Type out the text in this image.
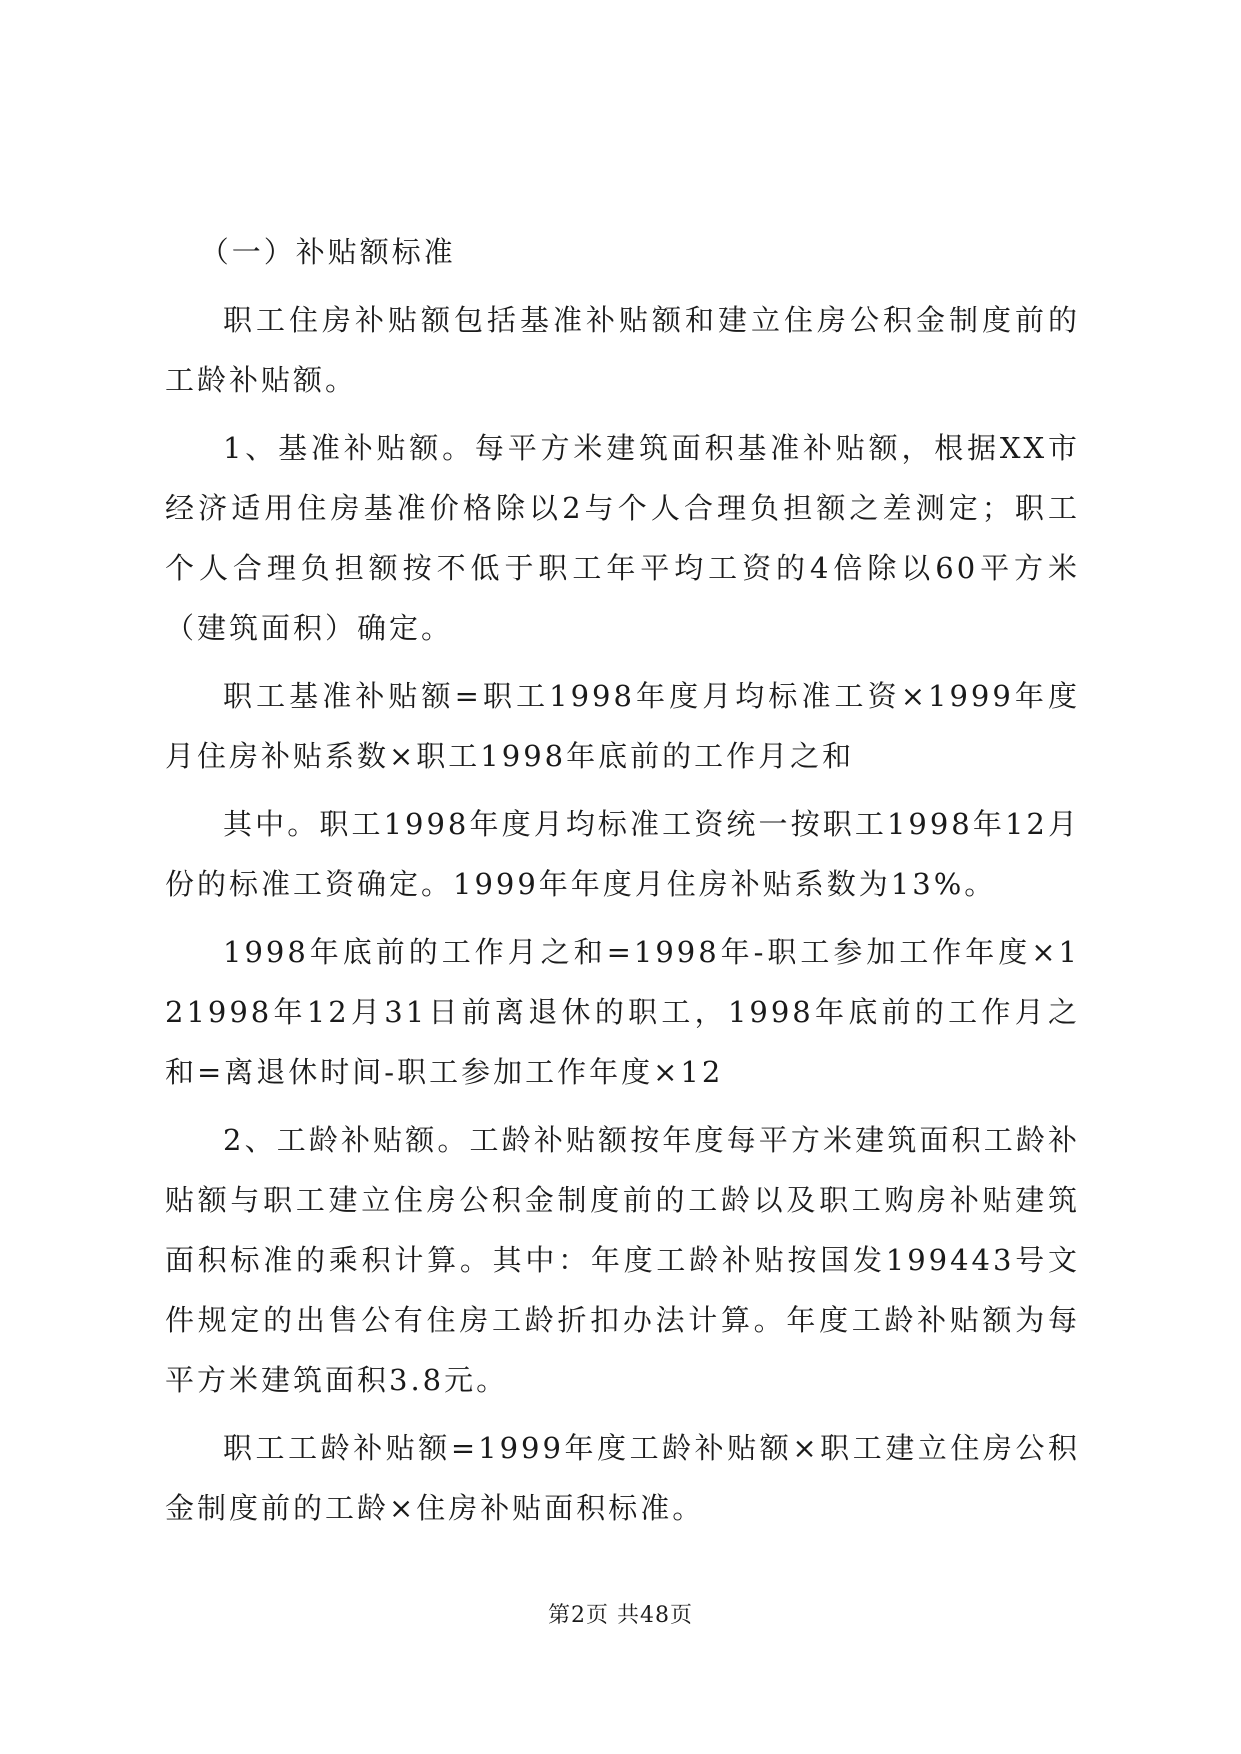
（一）补贴额标准

职工住房补贴额包括基准补贴额和建立住房公积金制度前的工龄补贴额。

1、基准补贴额。每平方米建筑面积基准补贴额，根据XX市经济适用住房基准价格除以2与个人合理负担额之差测定；职工个人合理负担额按不低于职工年平均工资的4倍除以60平方米（建筑面积）确定。

职工基准补贴额=职工1998年度月均标准工资×1999年度月住房补贴系数×职工1998年底前的工作月之和

其中。职工1998年度月均标准工资统一按职工1998年12月份的标准工资确定。1999年年度月住房补贴系数为13%。

1998年底前的工作月之和=1998年-职工参加工作年度×121998年12月31日前离退休的职工，1998年底前的工作月之和=离退休时间-职工参加工作年度×12

2、工龄补贴额。工龄补贴额按年度每平方米建筑面积工龄补贴额与职工建立住房公积金制度前的工龄以及职工购房补贴建筑面积标准的乘积计算。其中：年度工龄补贴按国发199443号文件规定的出售公有住房工龄折扣办法计算。年度工龄补贴额为每平方米建筑面积3.8元。

职工工龄补贴额=1999年度工龄补贴额×职工建立住房公积金制度前的工龄×住房补贴面积标准。

第2页 共48页
